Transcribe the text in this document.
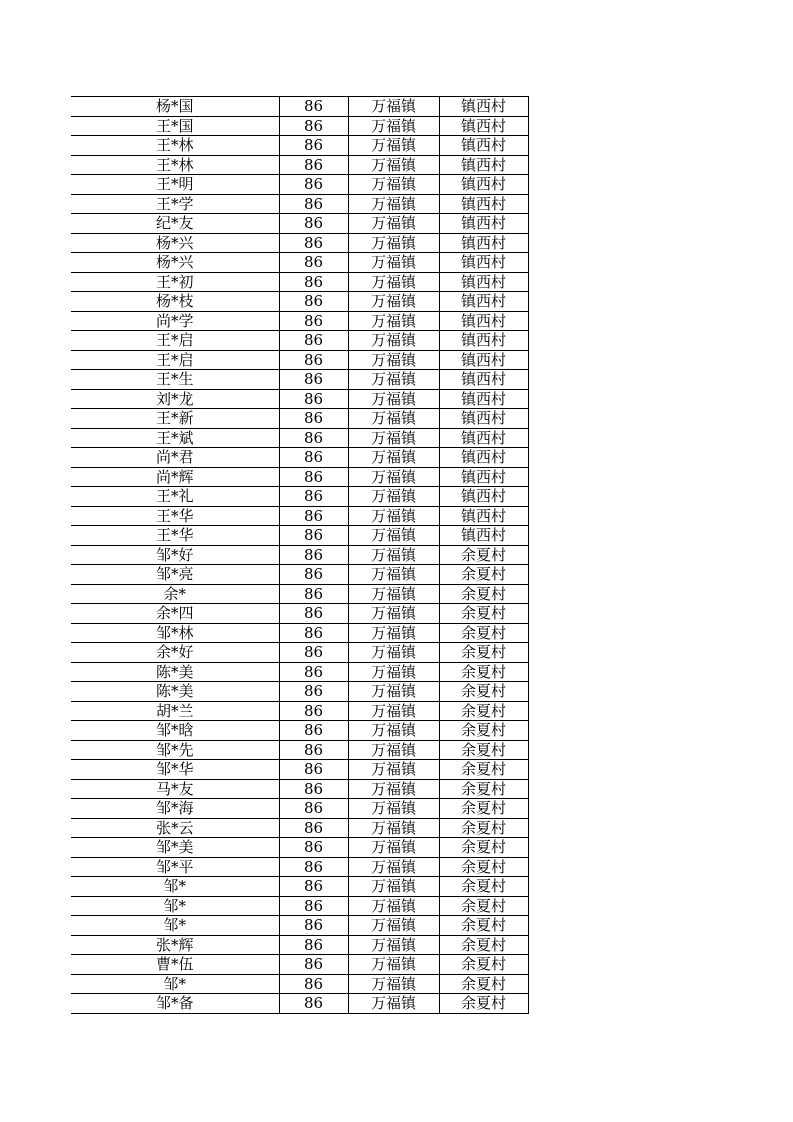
杨*国	86	万福镇	镇西村
王*国	86	万福镇	镇西村
王*林	86	万福镇	镇西村
王*林	86	万福镇	镇西村
王*明	86	万福镇	镇西村
王*学	86	万福镇	镇西村
纪*友	86	万福镇	镇西村
杨*兴	86	万福镇	镇西村
杨*兴	86	万福镇	镇西村
王*初	86	万福镇	镇西村
杨*枝	86	万福镇	镇西村
尚*学	86	万福镇	镇西村
王*启	86	万福镇	镇西村
王*启	86	万福镇	镇西村
王*生	86	万福镇	镇西村
刘*龙	86	万福镇	镇西村
王*新	86	万福镇	镇西村
王*斌	86	万福镇	镇西村
尚*君	86	万福镇	镇西村
尚*辉	86	万福镇	镇西村
王*礼	86	万福镇	镇西村
王*华	86	万福镇	镇西村
王*华	86	万福镇	镇西村
邹*好	86	万福镇	余夏村
邹*亮	86	万福镇	余夏村
余*	86	万福镇	余夏村
余*四	86	万福镇	余夏村
邹*林	86	万福镇	余夏村
余*好	86	万福镇	余夏村
陈*美	86	万福镇	余夏村
陈*美	86	万福镇	余夏村
胡*兰	86	万福镇	余夏村
邹*晗	86	万福镇	余夏村
邹*先	86	万福镇	余夏村
邹*华	86	万福镇	余夏村
马*友	86	万福镇	余夏村
邹*海	86	万福镇	余夏村
张*云	86	万福镇	余夏村
邹*美	86	万福镇	余夏村
邹*平	86	万福镇	余夏村
邹*	86	万福镇	余夏村
邹*	86	万福镇	余夏村
邹*	86	万福镇	余夏村
张*辉	86	万福镇	余夏村
曹*伍	86	万福镇	余夏村
邹*	86	万福镇	余夏村
邹*备	86	万福镇	余夏村
